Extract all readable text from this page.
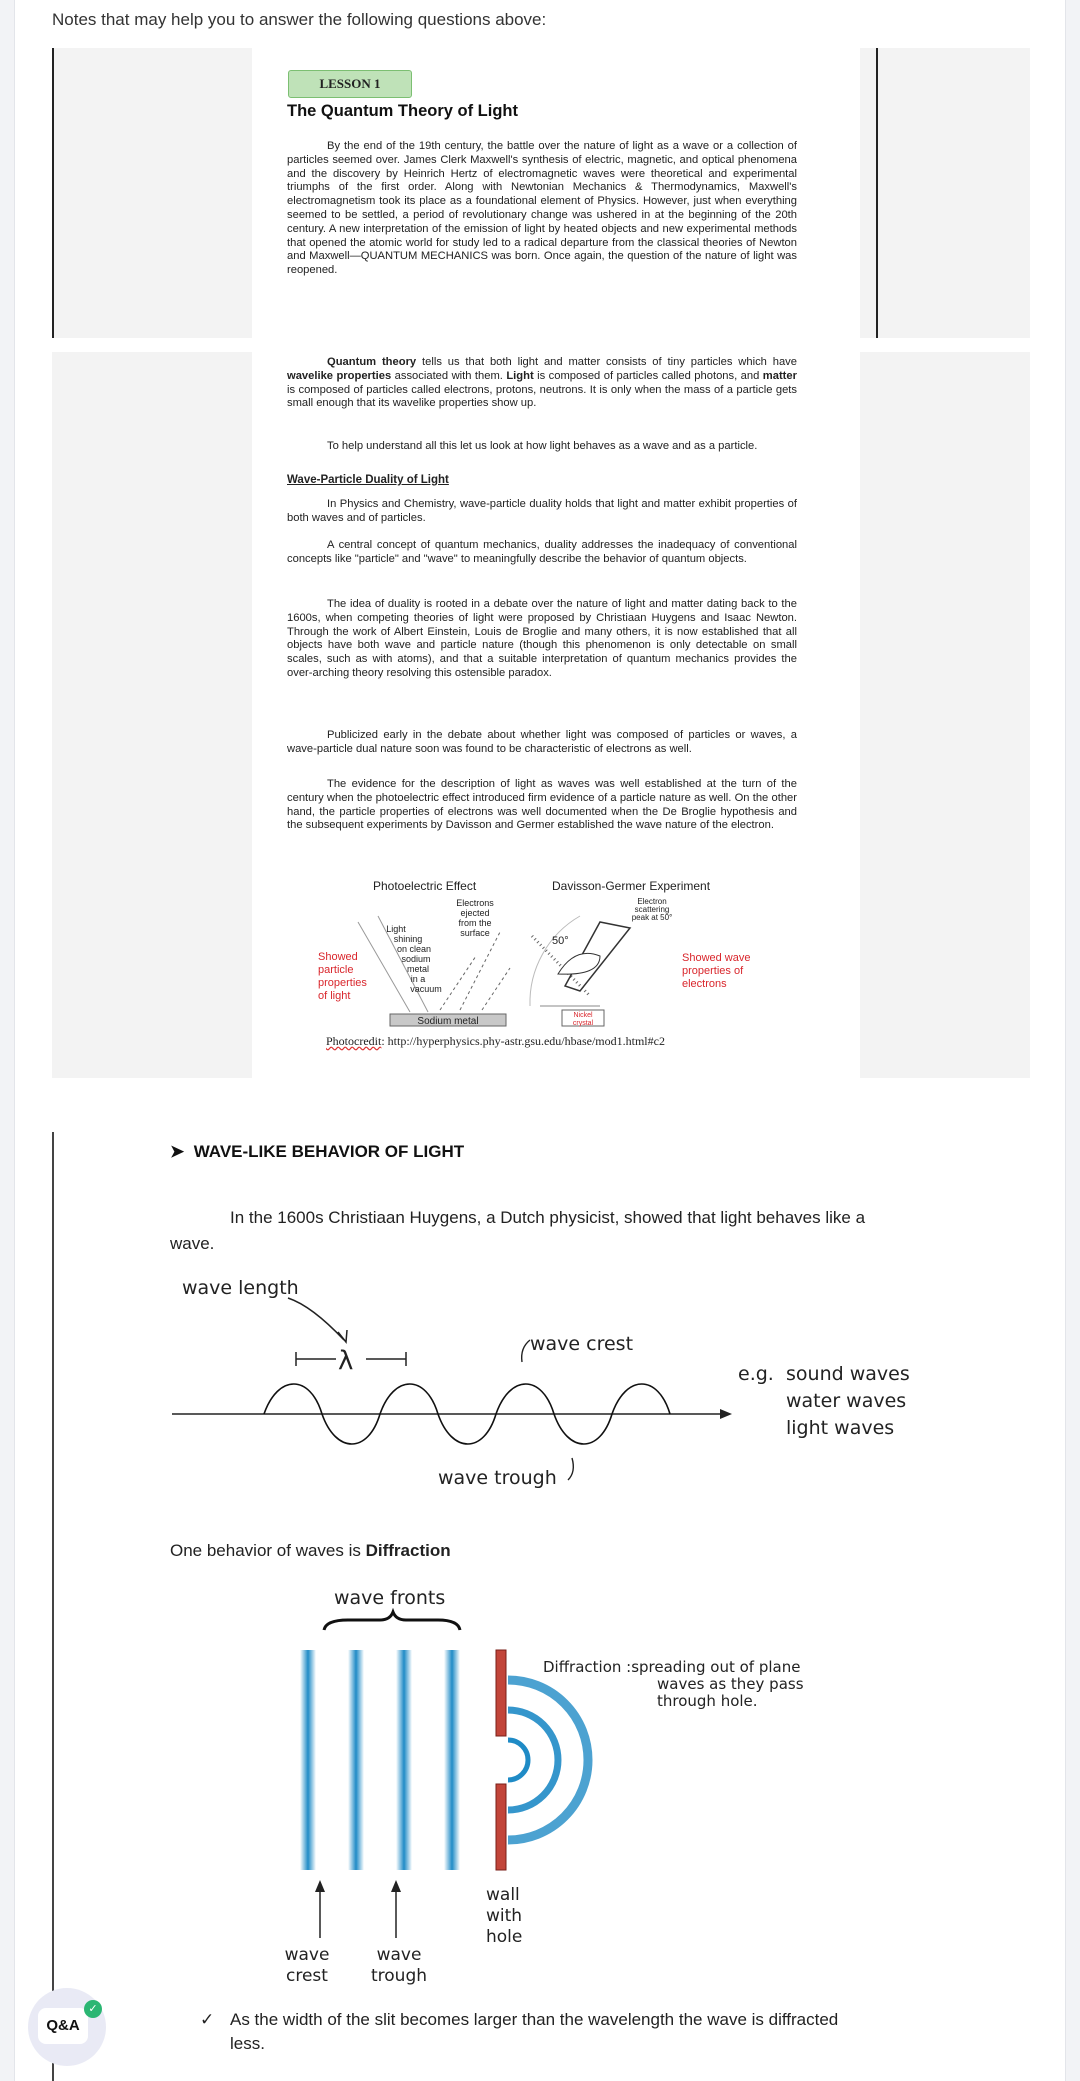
Notes that may help you to answer the following questions above:
LESSON 1
The Quantum Theory of Light
By the end of the 19th century, the battle over the nature of light as a wave or a collection of particles seemed over. James Clerk Maxwell's synthesis of electric, magnetic, and optical phenomena and the discovery by Heinrich Hertz of electromagnetic waves were theoretical and experimental triumphs of the first order. Along with Newtonian Mechanics & Thermodynamics, Maxwell's electromagnetism took its place as a foundational element of Physics. However, just when everything seemed to be settled, a period of revolutionary change was ushered in at the beginning of the 20th century. A new interpretation of the emission of light by heated objects and new experimental methods that opened the atomic world for study led to a radical departure from the classical theories of Newton and Maxwell—QUANTUM MECHANICS was born. Once again, the question of the nature of light was reopened.
Quantum theory tells us that both light and matter consists of tiny particles which have wavelike properties associated with them. Light is composed of particles called photons, and matter is composed of particles called electrons, protons, neutrons. It is only when the mass of a particle gets small enough that its wavelike properties show up.
To help understand all this let us look at how light behaves as a wave and as a particle.
Wave-Particle Duality of Light
In Physics and Chemistry, wave-particle duality holds that light and matter exhibit properties of both waves and of particles.
A central concept of quantum mechanics, duality addresses the inadequacy of conventional concepts like "particle" and "wave" to meaningfully describe the behavior of quantum objects.
The idea of duality is rooted in a debate over the nature of light and matter dating back to the 1600s, when competing theories of light were proposed by Christiaan Huygens and Isaac Newton. Through the work of Albert Einstein, Louis de Broglie and many others, it is now established that all objects have both wave and particle nature (though this phenomenon is only detectable on small scales, such as with atoms), and that a suitable interpretation of quantum mechanics provides the over-arching theory resolving this ostensible paradox.
Publicized early in the debate about whether light was composed of particles or waves, a wave-particle dual nature soon was found to be characteristic of electrons as well.
The evidence for the description of light as waves was well established at the turn of the century when the photoelectric effect introduced firm evidence of a particle nature as well. On the other hand, the particle properties of electrons was well documented when the De Broglie hypothesis and the subsequent experiments by Davisson and Germer established the wave nature of the electron.
Photoelectric Effect	Davisson-Germer Experiment
Sodium metal
Electrons
ejected
from the
surface
Light
shining
on clean
sodium
metal
in a
vacuum
Showed
particle
properties
of light
50°
Nickel
crystal
Electron
scattering
peak at 50°
Showed wave
properties of
electrons
Photocredit: http://hyperphysics.phy-astr.gsu.edu/hbase/mod1.html#c2
➤  WAVE-LIKE BEHAVIOR OF LIGHT
In the 1600s Christiaan Huygens, a Dutch physicist, showed that light behaves like a
wave.
wave length
λ
wave crest
wave trough
e.g. sound waves
water waves
light waves
One behavior of waves is Diffraction
wave fronts
Diffraction :spreading out of plane
waves as they pass
through hole.
wall
with
hole
wave
crest
wave
trough
✓ As the width of the slit becomes larger than the wavelength the wave is diffracted
less.
Q&A
✓
